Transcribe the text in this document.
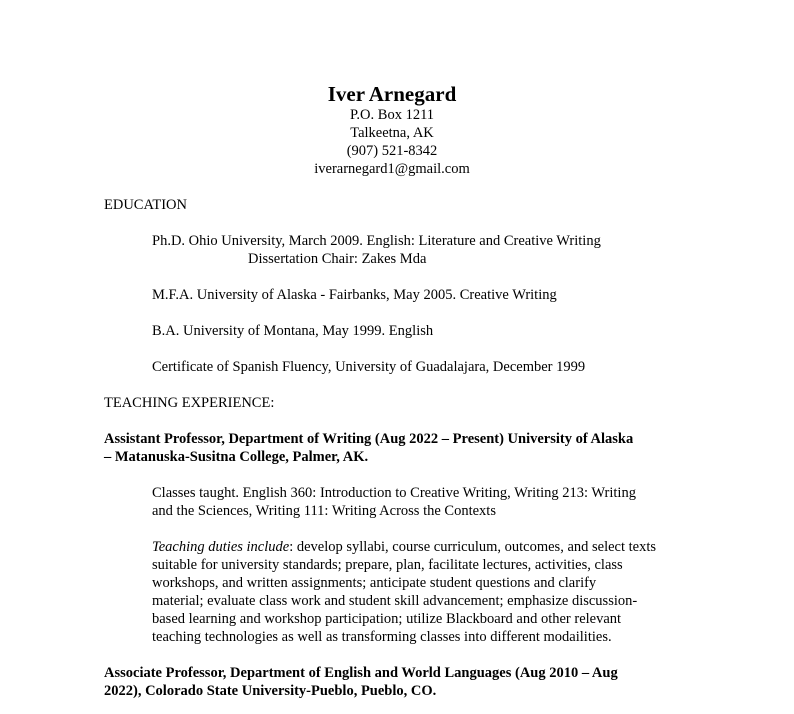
Iver Arnegard
P.O. Box 1211
Talkeetna, AK
(907) 521-8342
iverarnegard1@gmail.com
EDUCATION
Ph.D. Ohio University, March 2009. English: Literature and Creative Writing
Dissertation Chair: Zakes Mda
M.F.A. University of Alaska - Fairbanks, May 2005. Creative Writing
B.A. University of Montana, May 1999. English
Certificate of Spanish Fluency, University of Guadalajara, December 1999
TEACHING EXPERIENCE:
Assistant Professor, Department of Writing (Aug 2022 – Present) University of Alaska
– Matanuska-Susitna College, Palmer, AK.
Classes taught. English 360: Introduction to Creative Writing, Writing 213: Writing
and the Sciences, Writing 111: Writing Across the Contexts
Teaching duties include: develop syllabi, course curriculum, outcomes, and select texts
suitable for university standards; prepare, plan, facilitate lectures, activities, class
workshops, and written assignments; anticipate student questions and clarify
material; evaluate class work and student skill advancement; emphasize discussion-
based learning and workshop participation; utilize Blackboard and other relevant
teaching technologies as well as transforming classes into different modailities.
Associate Professor, Department of English and World Languages (Aug 2010 – Aug
2022), Colorado State University-Pueblo, Pueblo, CO.
